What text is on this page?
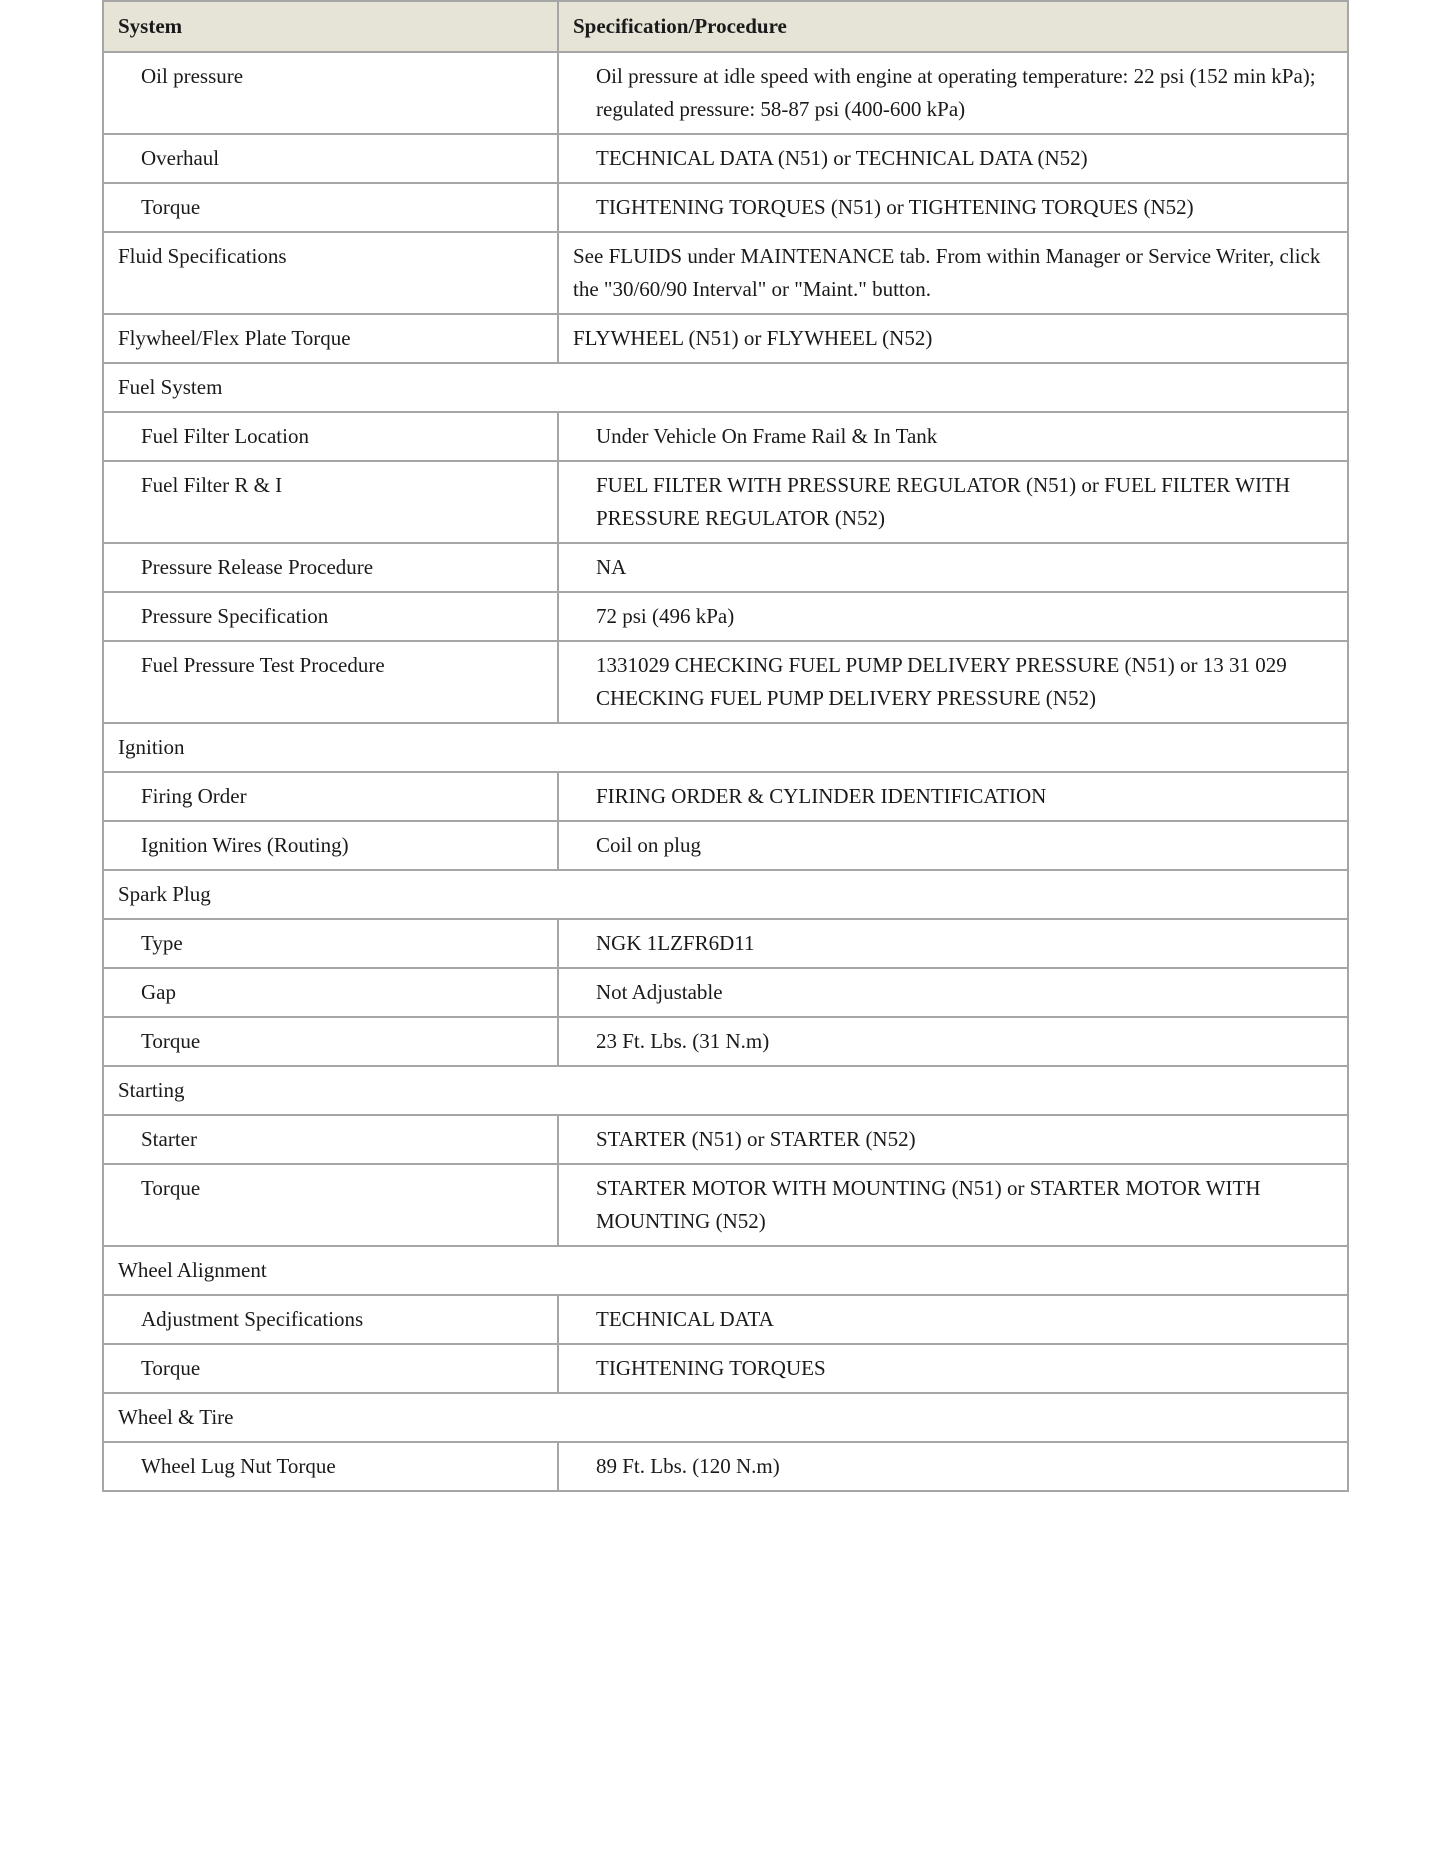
System	Specification/Procedure
Oil pressure	Oil pressure at idle speed with engine at operating temperature: 22 psi (152 min kPa); regulated pressure: 58-87 psi (400-600 kPa)
Overhaul	TECHNICAL DATA (N51) or TECHNICAL DATA (N52)
Torque	TIGHTENING TORQUES (N51) or TIGHTENING TORQUES (N52)
Fluid Specifications	See FLUIDS under MAINTENANCE tab. From within Manager or Service Writer, click the "30/60/90 Interval" or "Maint." button.
Flywheel/Flex Plate Torque	FLYWHEEL (N51) or FLYWHEEL (N52)
Fuel System	
Fuel Filter Location	Under Vehicle On Frame Rail & In Tank
Fuel Filter R & I	FUEL FILTER WITH PRESSURE REGULATOR (N51) or FUEL FILTER WITH PRESSURE REGULATOR (N52)
Pressure Release Procedure	NA
Pressure Specification	72 psi (496 kPa)
Fuel Pressure Test Procedure	1331029 CHECKING FUEL PUMP DELIVERY PRESSURE (N51) or 13 31 029 CHECKING FUEL PUMP DELIVERY PRESSURE (N52)
Ignition	
Firing Order	FIRING ORDER & CYLINDER IDENTIFICATION
Ignition Wires (Routing)	Coil on plug
Spark Plug	
Type	NGK 1LZFR6D11
Gap	Not Adjustable
Torque	23 Ft. Lbs. (31 N.m)
Starting	
Starter	STARTER (N51) or STARTER (N52)
Torque	STARTER MOTOR WITH MOUNTING (N51) or STARTER MOTOR WITH MOUNTING (N52)
Wheel Alignment	
Adjustment Specifications	TECHNICAL DATA
Torque	TIGHTENING TORQUES
Wheel & Tire	
Wheel Lug Nut Torque	89 Ft. Lbs. (120 N.m)
